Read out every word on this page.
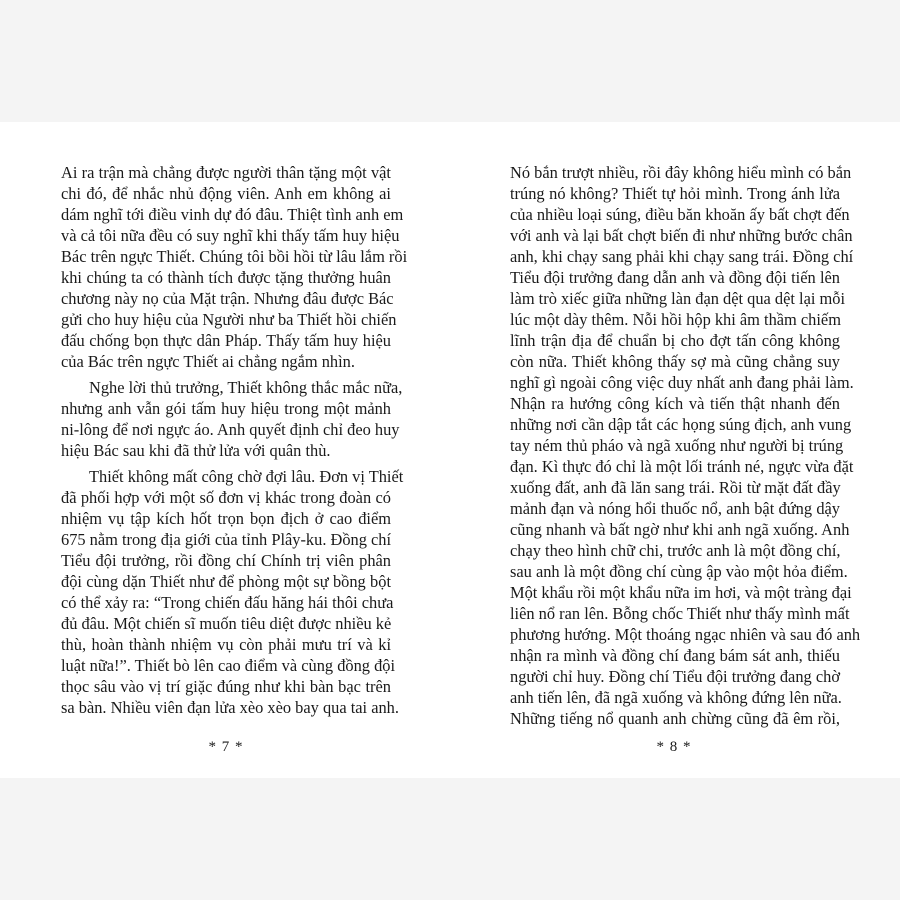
Ai ra trận mà chẳng được người thân tặng một vật
chi đó, để nhắc nhủ động viên. Anh em không ai
dám nghĩ tới điều vinh dự đó đâu. Thiệt tình anh em
và cả tôi nữa đều có suy nghĩ khi thấy tấm huy hiệu
Bác trên ngực Thiết. Chúng tôi bồi hồi từ lâu lắm rồi
khi chúng ta có thành tích được tặng thưởng huân
chương này nọ của Mặt trận. Nhưng đâu được Bác
gửi cho huy hiệu của Người như ba Thiết hồi chiến
đấu chống bọn thực dân Pháp. Thấy tấm huy hiệu
của Bác trên ngực Thiết ai chẳng ngắm nhìn.
Nghe lời thủ trưởng, Thiết không thắc mắc nữa,
nhưng anh vẫn gói tấm huy hiệu trong một mảnh
ni-lông để nơi ngực áo. Anh quyết định chỉ đeo huy
hiệu Bác sau khi đã thử lửa với quân thù.
Thiết không mất công chờ đợi lâu. Đơn vị Thiết
đã phối hợp với một số đơn vị khác trong đoàn có
nhiệm vụ tập kích hốt trọn bọn địch ở cao điểm
675 nằm trong địa giới của tỉnh Plây-ku. Đồng chí
Tiểu đội trưởng, rồi đồng chí Chính trị viên phân
đội cùng dặn Thiết như để phòng một sự bồng bột
có thể xảy ra: “Trong chiến đấu hăng hái thôi chưa
đủ đâu. Một chiến sĩ muốn tiêu diệt được nhiều kẻ
thù, hoàn thành nhiệm vụ còn phải mưu trí và kỉ
luật nữa!”. Thiết bò lên cao điểm và cùng đồng đội
thọc sâu vào vị trí giặc đúng như khi bàn bạc trên
sa bàn. Nhiều viên đạn lửa xèo xèo bay qua tai anh.
Nó bắn trượt nhiều, rồi đây không hiểu mình có bắn
trúng nó không? Thiết tự hỏi mình. Trong ánh lửa
của nhiều loại súng, điều băn khoăn ấy bất chợt đến
với anh và lại bất chợt biến đi như những bước chân
anh, khi chạy sang phải khi chạy sang trái. Đồng chí
Tiểu đội trưởng đang dẫn anh và đồng đội tiến lên
làm trò xiếc giữa những làn đạn dệt qua dệt lại mỗi
lúc một dày thêm. Nỗi hồi hộp khi âm thầm chiếm
lĩnh trận địa để chuẩn bị cho đợt tấn công không
còn nữa. Thiết không thấy sợ mà cũng chẳng suy
nghĩ gì ngoài công việc duy nhất anh đang phải làm.
Nhận ra hướng công kích và tiến thật nhanh đến
những nơi cần dập tắt các họng súng địch, anh vung
tay ném thủ pháo và ngã xuống như người bị trúng
đạn. Kì thực đó chỉ là một lối tránh né, ngực vừa đặt
xuống đất, anh đã lăn sang trái. Rồi từ mặt đất đầy
mảnh đạn và nóng hổi thuốc nổ, anh bật đứng dậy
cũng nhanh và bất ngờ như khi anh ngã xuống. Anh
chạy theo hình chữ chi, trước anh là một đồng chí,
sau anh là một đồng chí cùng ập vào một hỏa điểm.
Một khẩu rồi một khẩu nữa im hơi, và một tràng đại
liên nổ ran lên. Bỗng chốc Thiết như thấy mình mất
phương hướng. Một thoáng ngạc nhiên và sau đó anh
nhận ra mình và đồng chí đang bám sát anh, thiếu
người chỉ huy. Đồng chí Tiểu đội trưởng đang chờ
anh tiến lên, đã ngã xuống và không đứng lên nữa.
Những tiếng nổ quanh anh chừng cũng đã êm rồi,
* 7 *	* 8 *
